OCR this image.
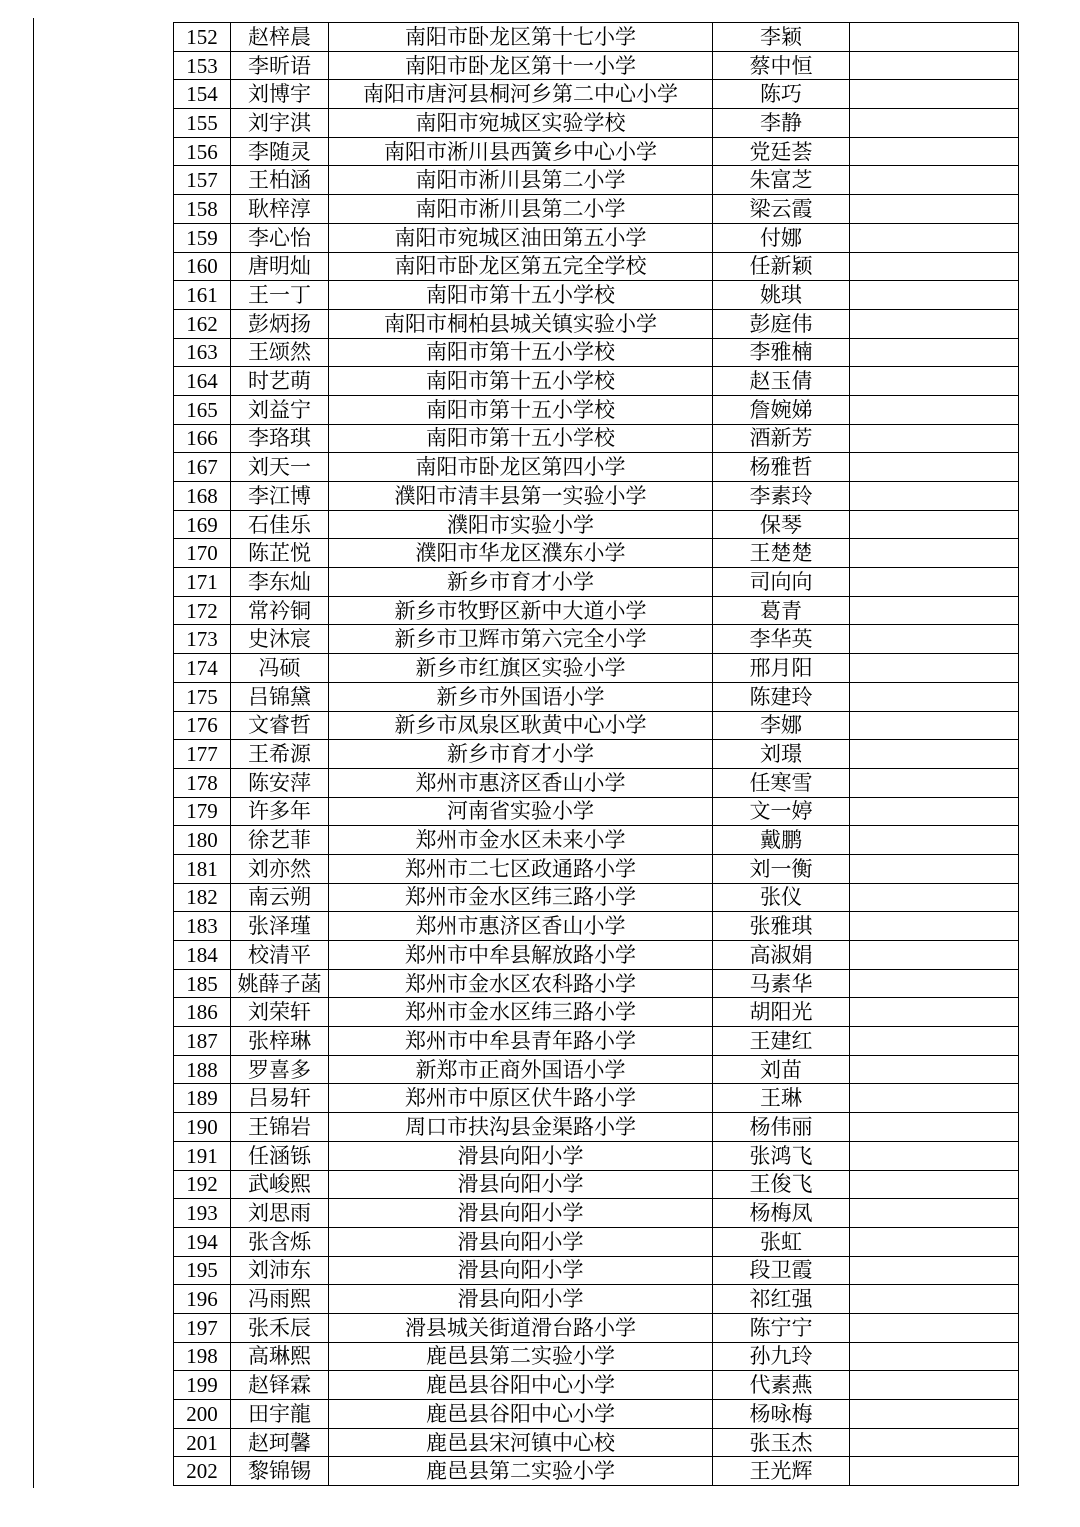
152	赵梓晨	南阳市卧龙区第十七小学	李颖	
153	李昕语	南阳市卧龙区第十一小学	蔡中恒	
154	刘博宇	南阳市唐河县桐河乡第二中心小学	陈巧	
155	刘宇淇	南阳市宛城区实验学校	李静	
156	李随灵	南阳市淅川县西簧乡中心小学	党廷荟	
157	王柏涵	南阳市淅川县第二小学	朱富芝	
158	耿梓淳	南阳市淅川县第二小学	梁云霞	
159	李心怡	南阳市宛城区油田第五小学	付娜	
160	唐明灿	南阳市卧龙区第五完全学校	任新颖	
161	王一丁	南阳市第十五小学校	姚琪	
162	彭炳扬	南阳市桐柏县城关镇实验小学	彭庭伟	
163	王颂然	南阳市第十五小学校	李雅楠	
164	时艺萌	南阳市第十五小学校	赵玉倩	
165	刘益宁	南阳市第十五小学校	詹婉娣	
166	李珞琪	南阳市第十五小学校	酒新芳	
167	刘天一	南阳市卧龙区第四小学	杨雅哲	
168	李江博	濮阳市清丰县第一实验小学	李素玲	
169	石佳乐	濮阳市实验小学	保琴	
170	陈芷悦	濮阳市华龙区濮东小学	王楚楚	
171	李东灿	新乡市育才小学	司向向	
172	常衿铜	新乡市牧野区新中大道小学	葛青	
173	史沐宸	新乡市卫辉市第六完全小学	李华英	
174	冯硕	新乡市红旗区实验小学	邢月阳	
175	吕锦黛	新乡市外国语小学	陈建玲	
176	文睿哲	新乡市凤泉区耿黄中心小学	李娜	
177	王希源	新乡市育才小学	刘璟	
178	陈安萍	郑州市惠济区香山小学	任寒雪	
179	许多年	河南省实验小学	文一婷	
180	徐艺菲	郑州市金水区未来小学	戴鹏	
181	刘亦然	郑州市二七区政通路小学	刘一衡	
182	南云朔	郑州市金水区纬三路小学	张仪	
183	张泽瑾	郑州市惠济区香山小学	张雅琪	
184	校清平	郑州市中牟县解放路小学	高淑娟	
185	姚薛子菡	郑州市金水区农科路小学	马素华	
186	刘荣轩	郑州市金水区纬三路小学	胡阳光	
187	张梓琳	郑州市中牟县青年路小学	王建红	
188	罗喜多	新郑市正商外国语小学	刘苗	
189	吕易轩	郑州市中原区伏牛路小学	王琳	
190	王锦岩	周口市扶沟县金渠路小学	杨伟丽	
191	任涵铄	滑县向阳小学	张鸿飞	
192	武峻熙	滑县向阳小学	王俊飞	
193	刘思雨	滑县向阳小学	杨梅凤	
194	张含烁	滑县向阳小学	张虹	
195	刘沛东	滑县向阳小学	段卫霞	
196	冯雨熙	滑县向阳小学	祁红强	
197	张禾辰	滑县城关街道滑台路小学	陈宁宁	
198	高琳熙	鹿邑县第二实验小学	孙九玲	
199	赵铎霖	鹿邑县谷阳中心小学	代素燕	
200	田宇龍	鹿邑县谷阳中心小学	杨咏梅	
201	赵珂馨	鹿邑县宋河镇中心校	张玉杰	
202	黎锦锡	鹿邑县第二实验小学	王光辉	
